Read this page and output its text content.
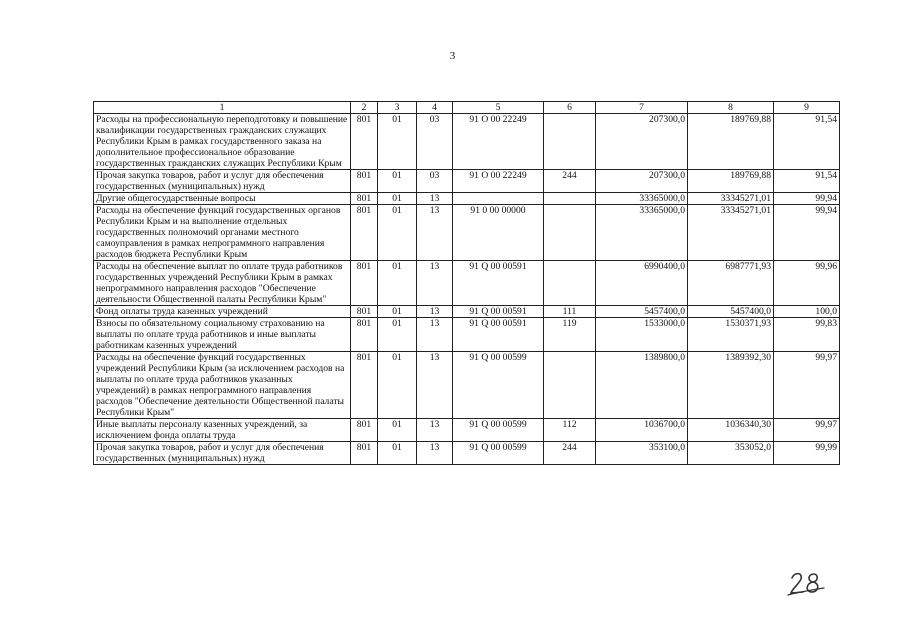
3
1	2	3	4	5	6	7	8	9
Расходы на профессиональную переподготовку и повышение квалификации государственных гражданских служащих Республики Крым в рамках государственного заказа на дополнительное профессиональное образование государственных гражданских служащих Республики Крым	801	01	03	91 О 00 22249		207300,0	189769,88	91,54
Прочая закупка товаров, работ и услуг для обеспечения государственных (муниципальных) нужд	801	01	03	91 О 00 22249	244	207300,0	189769,88	91,54
Другие общегосударственные вопросы	801	01	13			33365000,0	33345271,01	99,94
Расходы на обеспечение функций государственных органов Республики Крым и на выполнение отдельных государственных полномочий органами местного самоуправления в рамках непрограммного направления расходов бюджета Республики Крым	801	01	13	91 0 00 00000		33365000,0	33345271,01	99,94
Расходы на обеспечение выплат по оплате труда работников государственных учреждений Республики Крым в рамках непрограммного направления расходов "Обеспечение деятельности Общественной палаты Республики Крым"	801	01	13	91 Q 00 00591		6990400,0	6987771,93	99,96
Фонд оплаты труда казенных учреждений	801	01	13	91 Q 00 00591	111	5457400,0	5457400,0	100,0
Взносы по обязательному социальному страхованию на выплаты по оплате труда работников и иные выплаты работникам казенных учреждений	801	01	13	91 Q 00 00591	119	1533000,0	1530371,93	99,83
Расходы на обеспечение функций государственных учреждений Республики Крым (за исключением расходов на выплаты по оплате труда работников указанных учреждений) в рамках непрограммного направления расходов "Обеспечение деятельности Общественной палаты Республики Крым"	801	01	13	91 Q 00 00599		1389800,0	1389392,30	99,97
Иные выплаты персоналу казенных учреждений, за исключением фонда оплаты труда	801	01	13	91 Q 00 00599	112	1036700,0	1036340,30	99,97
Прочая закупка товаров, работ и услуг для обеспечения государственных (муниципальных) нужд	801	01	13	91 Q 00 00599	244	353100,0	353052,0	99,99
